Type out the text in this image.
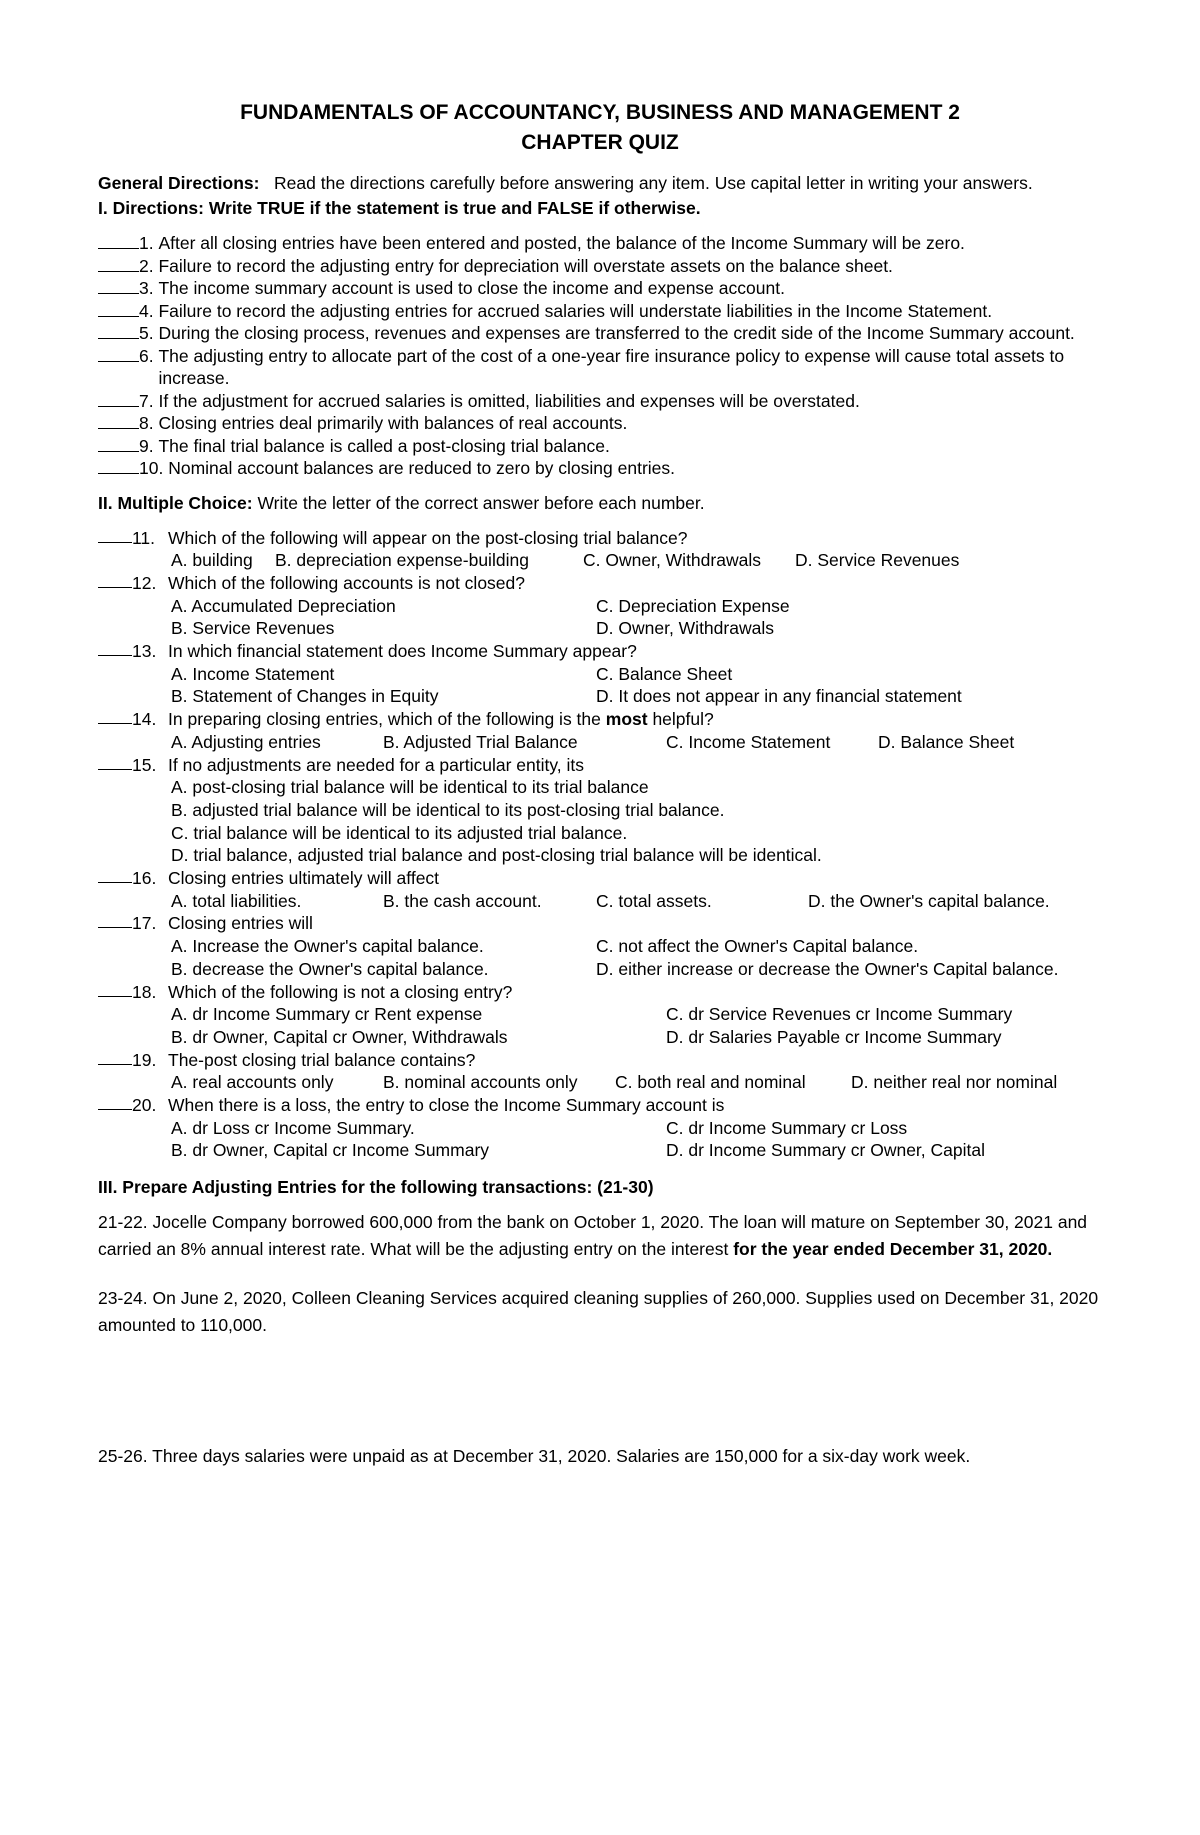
FUNDAMENTALS OF ACCOUNTANCY, BUSINESS AND MANAGEMENT 2
CHAPTER QUIZ
General Directions: Read the directions carefully before answering any item. Use capital letter in writing your answers.
I. Directions: Write TRUE if the statement is true and FALSE if otherwise.
1. After all closing entries have been entered and posted, the balance of the Income Summary will be zero.
2. Failure to record the adjusting entry for depreciation will overstate assets on the balance sheet.
3. The income summary account is used to close the income and expense account.
4. Failure to record the adjusting entries for accrued salaries will understate liabilities in the Income Statement.
5. During the closing process, revenues and expenses are transferred to the credit side of the Income Summary account.
6. The adjusting entry to allocate part of the cost of a one-year fire insurance policy to expense will cause total assets to increase.
7. If the adjustment for accrued salaries is omitted, liabilities and expenses will be overstated.
8. Closing entries deal primarily with balances of real accounts.
9. The final trial balance is called a post-closing trial balance.
10. Nominal account balances are reduced to zero by closing entries.
II. Multiple Choice: Write the letter of the correct answer before each number.
11. Which of the following will appear on the post-closing trial balance?
A. building	B. depreciation expense-building	C. Owner, Withdrawals	D. Service Revenues
12. Which of the following accounts is not closed?
A. Accumulated Depreciation	C. Depreciation Expense
B. Service Revenues	D. Owner, Withdrawals
13. In which financial statement does Income Summary appear?
A. Income Statement	C. Balance Sheet
B. Statement of Changes in Equity	D. It does not appear in any financial statement
14. In preparing closing entries, which of the following is the most helpful?
A. Adjusting entries	B. Adjusted Trial Balance	C. Income Statement	D. Balance Sheet
15. If no adjustments are needed for a particular entity, its
A. post-closing trial balance will be identical to its trial balance
B. adjusted trial balance will be identical to its post-closing trial balance.
C. trial balance will be identical to its adjusted trial balance.
D. trial balance, adjusted trial balance and post-closing trial balance will be identical.
16. Closing entries ultimately will affect
A. total liabilities.	B. the cash account.	C. total assets.	D. the Owner's capital balance.
17. Closing entries will
A. Increase the Owner's capital balance.	C. not affect the Owner's Capital balance.
B. decrease the Owner's capital balance.	D. either increase or decrease the Owner's Capital balance.
18. Which of the following is not a closing entry?
A. dr Income Summary cr Rent expense	C. dr Service Revenues cr Income Summary
B. dr Owner, Capital cr Owner, Withdrawals	D. dr Salaries Payable cr Income Summary
19. The-post closing trial balance contains?
A. real accounts only	B. nominal accounts only	C. both real and nominal	D. neither real nor nominal
20. When there is a loss, the entry to close the Income Summary account is
A. dr Loss cr Income Summary.	C. dr Income Summary cr Loss
B. dr Owner, Capital cr Income Summary	D. dr Income Summary cr Owner, Capital
III. Prepare Adjusting Entries for the following transactions: (21-30)
21-22. Jocelle Company borrowed 600,000 from the bank on October 1, 2020. The loan will mature on September 30, 2021 and carried an 8% annual interest rate. What will be the adjusting entry on the interest for the year ended December 31, 2020.
23-24. On June 2, 2020, Colleen Cleaning Services acquired cleaning supplies of 260,000. Supplies used on December 31, 2020 amounted to 110,000.
25-26. Three days salaries were unpaid as at December 31, 2020. Salaries are 150,000 for a six-day work week.
